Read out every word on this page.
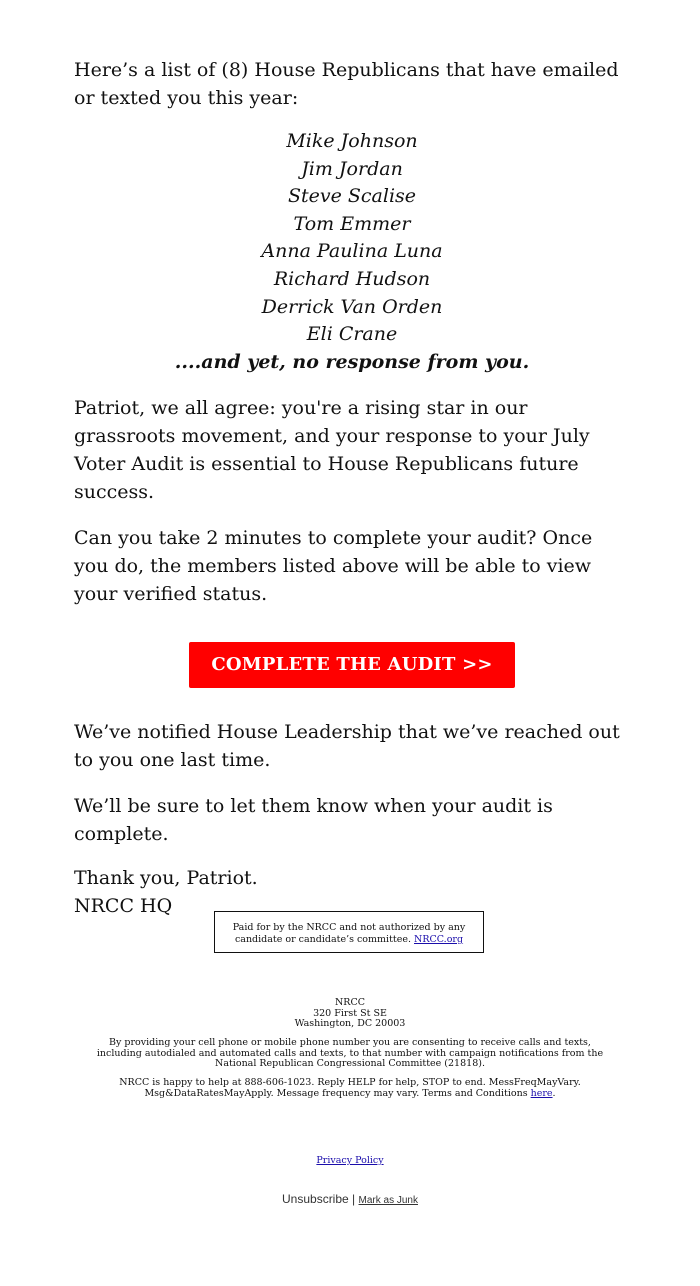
Here’s a list of (8) House Republicans that have emailed or texted you this year:

Mike Johnson
Jim Jordan
Steve Scalise
Tom Emmer
Anna Paulina Luna
Richard Hudson
Derrick Van Orden
Eli Crane
....and yet, no response from you.

Patriot, we all agree: you're a rising star in our grassroots movement, and your response to your July Voter Audit is essential to House Republicans future success.

Can you take 2 minutes to complete your audit? Once you do, the members listed above will be able to view your verified status.

COMPLETE THE AUDIT >>

We’ve notified House Leadership that we’ve reached out to you one last time.

We’ll be sure to let them know when your audit is complete.

Thank you, Patriot.

NRCC HQ

Paid for by the NRCC and not authorized by any candidate or candidate’s committee. NRCC.org
NRCC
320 First St SE
Washington, DC 20003
By providing your cell phone or mobile phone number you are consenting to receive calls and texts, including autodialed and automated calls and texts, to that number with campaign notifications from the National Republican Congressional Committee (21818).
NRCC is happy to help at 888-606-1023. Reply HELP for help, STOP to end. MessFreqMayVary. Msg&DataRatesMayApply. Message frequency may vary. Terms and Conditions here.
Privacy Policy
Unsubscribe | Mark as Junk
